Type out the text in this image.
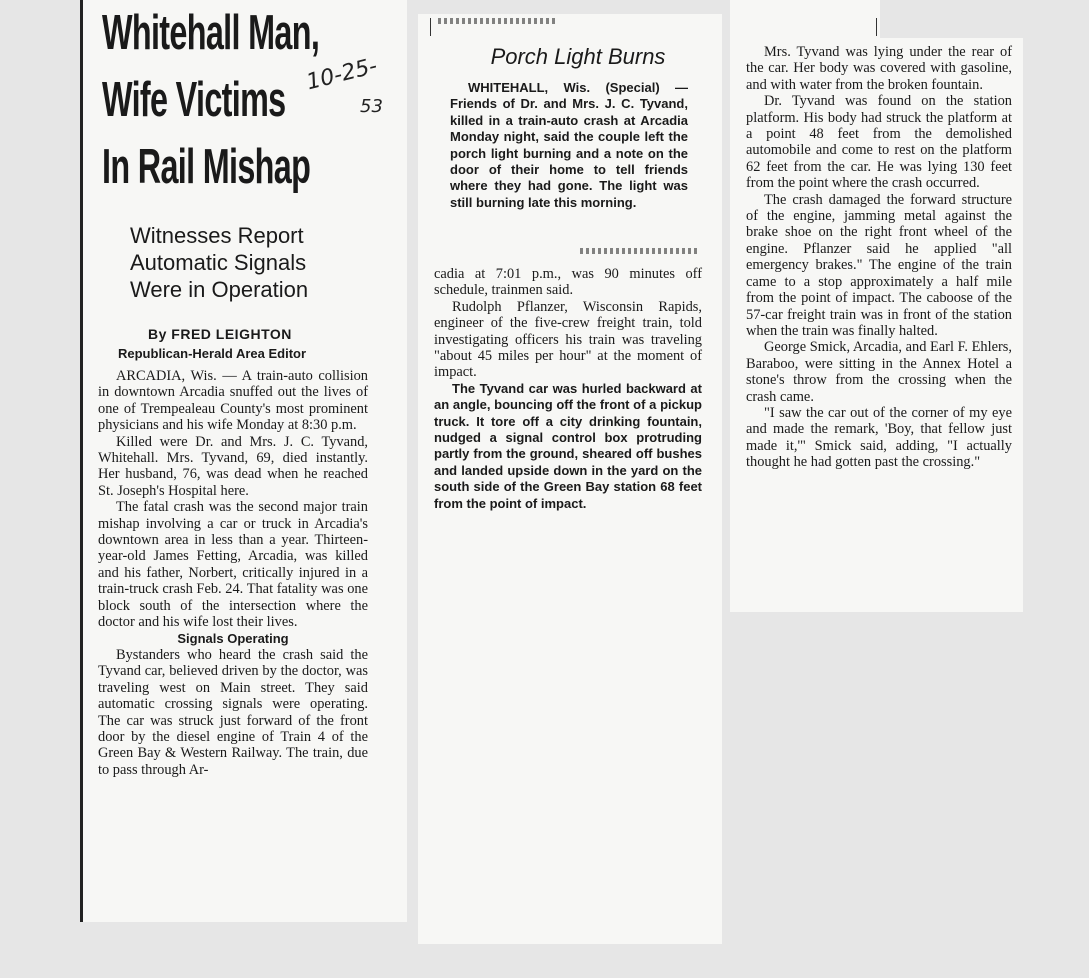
Whitehall Man,
Wife Victims
In Rail Mishap
10-25-
53
Witnesses Report
Automatic Signals
Were in Operation
By FRED LEIGHTON
Republican-Herald Area Editor

ARCADIA, Wis. — A train-auto collision in downtown Arcadia snuffed out the lives of one of Trempealeau County's most prominent physicians and his wife Monday at 8:30 p.m.

Killed were Dr. and Mrs. J. C. Tyvand, Whitehall. Mrs. Tyvand, 69, died instantly. Her husband, 76, was dead when he reached St. Joseph's Hospital here.

The fatal crash was the second major train mishap involving a car or truck in Arcadia's downtown area in less than a year. Thirteen-year-old James Fetting, Arcadia, was killed and his father, Norbert, critically injured in a train-truck crash Feb. 24. That fatality was one block south of the intersection where the doctor and his wife lost their lives.

Signals Operating

Bystanders who heard the crash said the Tyvand car, believed driven by the doctor, was traveling west on Main street. They said automatic crossing signals were operating. The car was struck just forward of the front door by the diesel engine of Train 4 of the Green Bay & Western Railway. The train, due to pass through Ar-

Porch Light Burns

WHITEHALL, Wis. (Special) —Friends of Dr. and Mrs. J. C. Tyvand, killed in a train-auto crash at Arcadia Monday night, said the couple left the porch light burning and a note on the door of their home to tell friends where they had gone. The light was still burning late this morning.

cadia at 7:01 p.m., was 90 minutes off schedule, trainmen said.

Rudolph Pflanzer, Wisconsin Rapids, engineer of the five-crew freight train, told investigating officers his train was traveling "about 45 miles per hour" at the moment of impact.

The Tyvand car was hurled backward at an angle, bouncing off the front of a pickup truck. It tore off a city drinking fountain, nudged a signal control box protruding partly from the ground, sheared off bushes and landed upside down in the yard on the south side of the Green Bay station 68 feet from the point of impact.

Mrs. Tyvand was lying under the rear of the car. Her body was covered with gasoline, and with water from the broken fountain.

Dr. Tyvand was found on the station platform. His body had struck the platform at a point 48 feet from the demolished automobile and come to rest on the platform 62 feet from the car. He was lying 130 feet from the point where the crash occurred.

The crash damaged the forward structure of the engine, jamming metal against the brake shoe on the right front wheel of the engine. Pflanzer said he applied "all emergency brakes." The engine of the train came to a stop approximately a half mile from the point of impact. The caboose of the 57-car freight train was in front of the station when the train was finally halted.

George Smick, Arcadia, and Earl F. Ehlers, Baraboo, were sitting in the Annex Hotel a stone's throw from the crossing when the crash came.

"I saw the car out of the corner of my eye and made the remark, 'Boy, that fellow just made it,'" Smick said, adding, "I actually thought he had gotten past the crossing."
